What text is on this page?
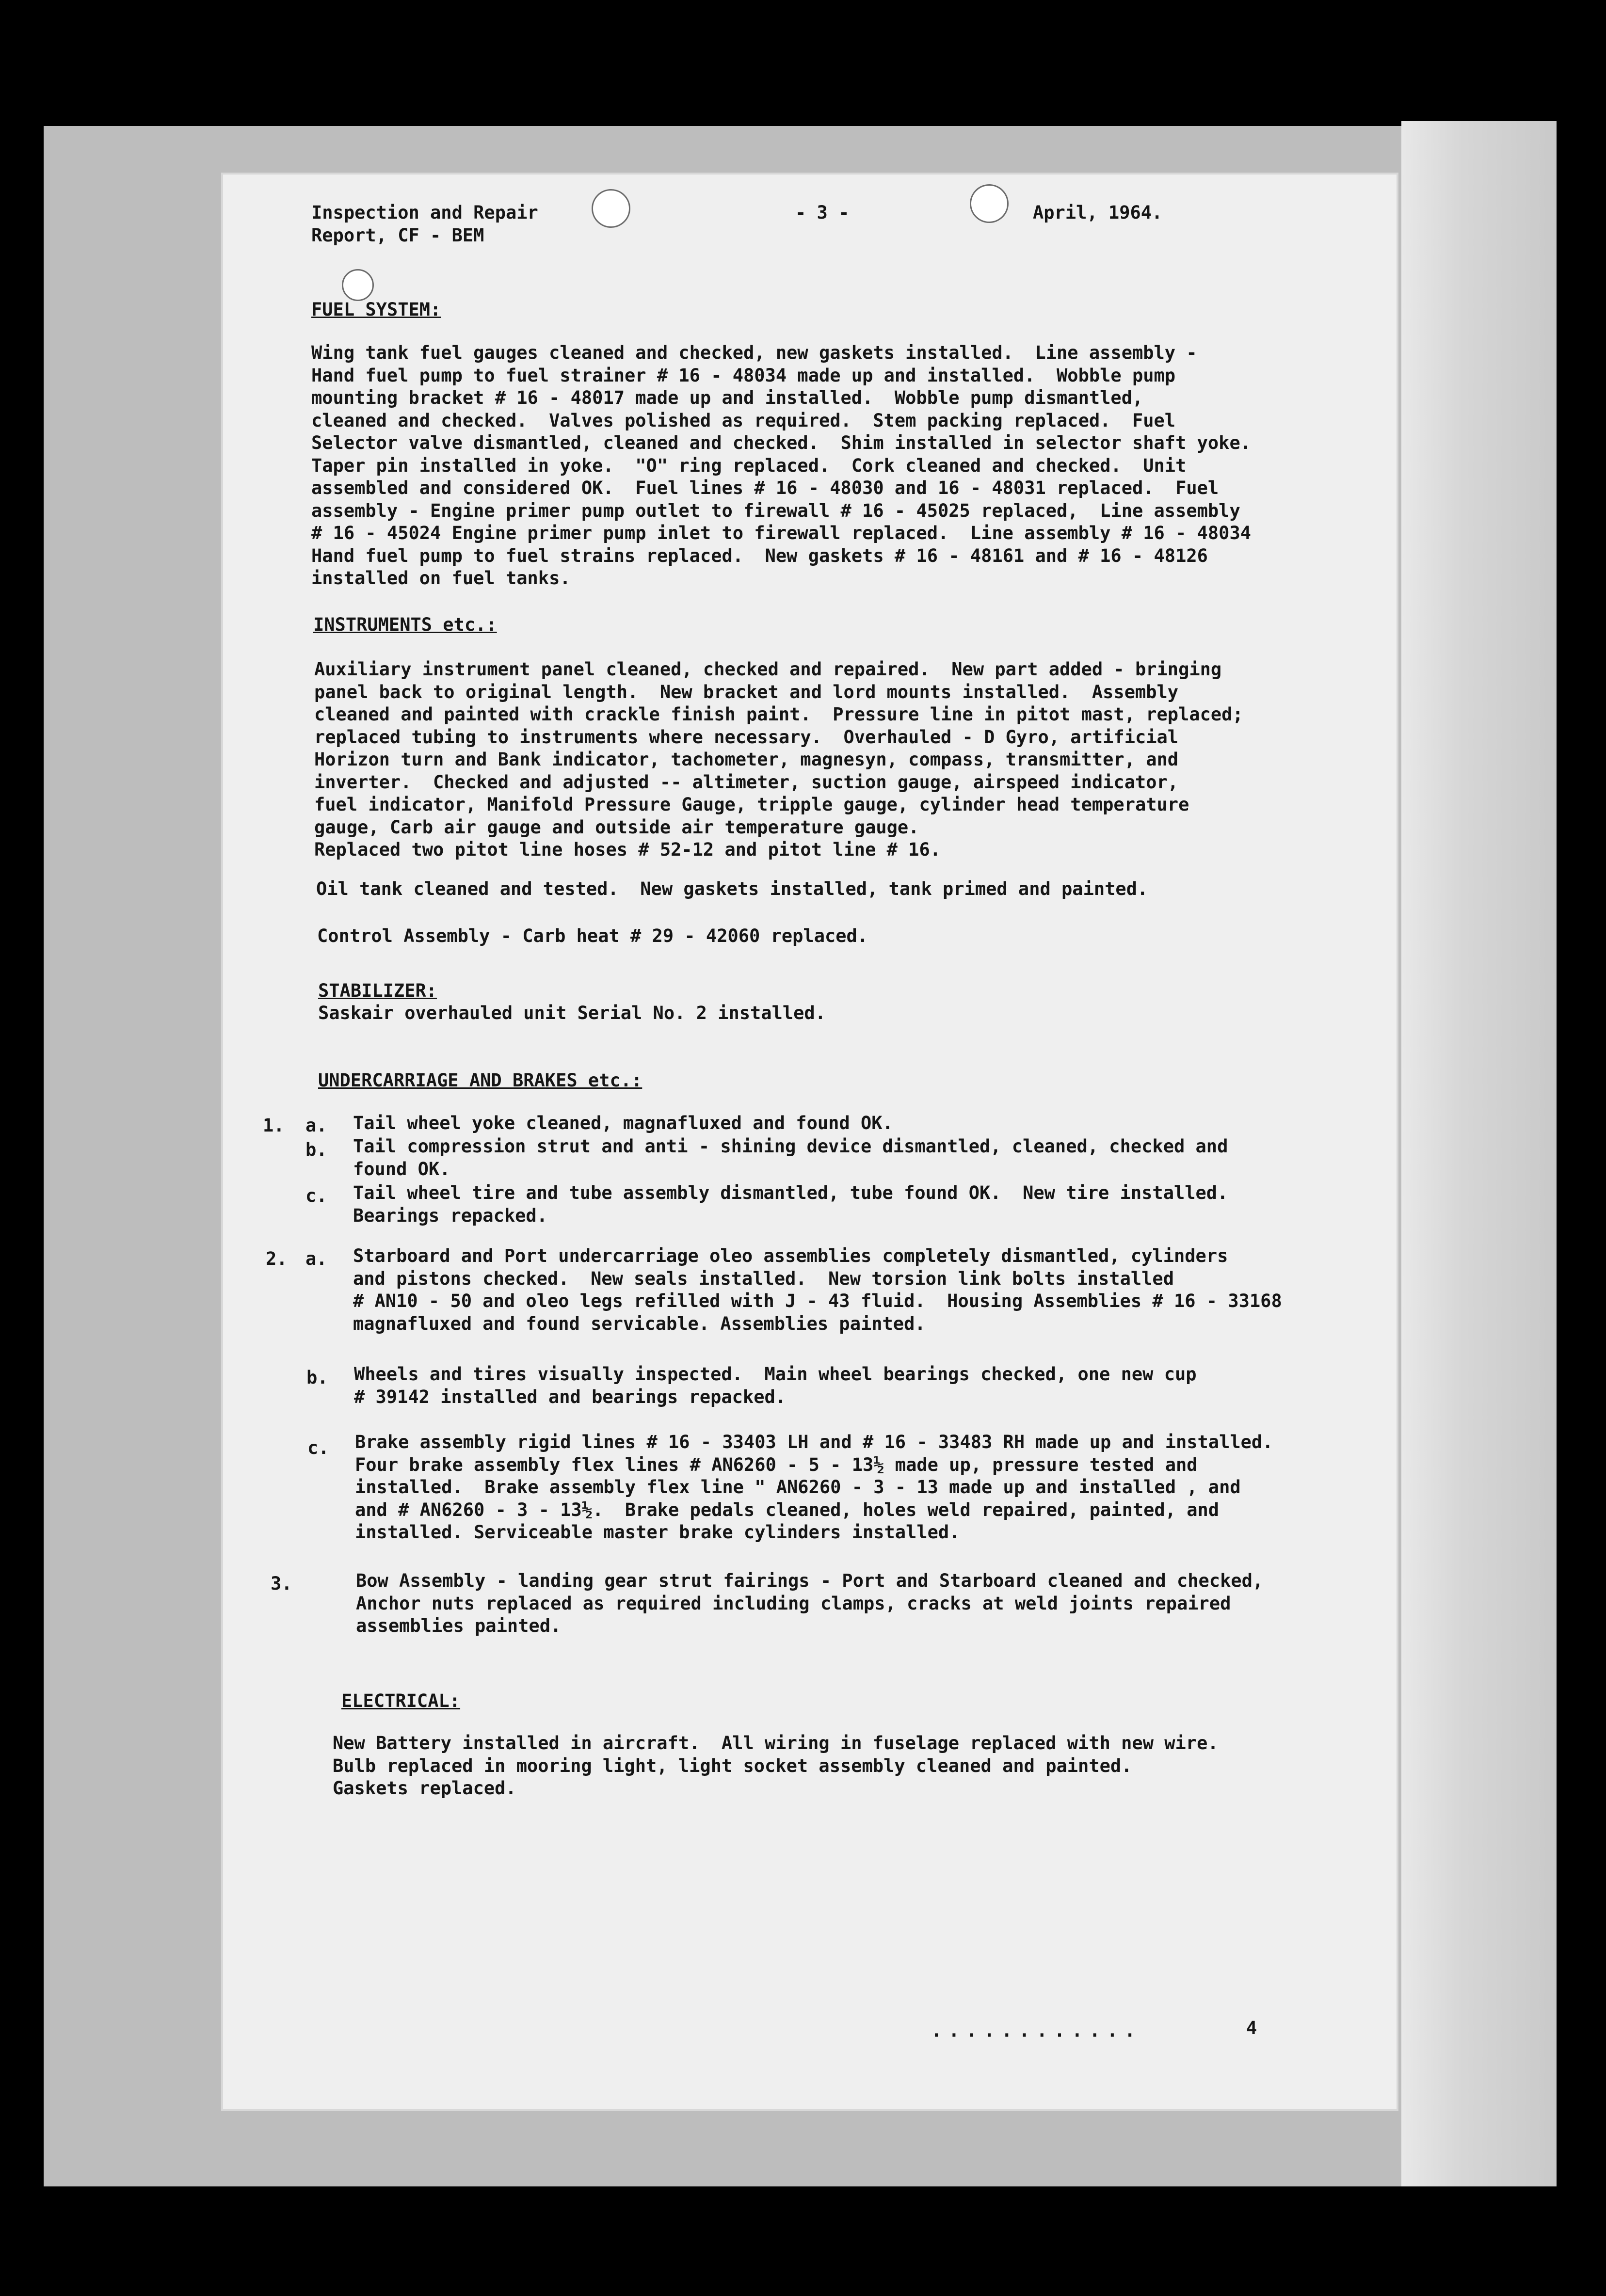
Inspection and Repair
Report, CF - BEM
- 3 -	April, 1964.
FUEL SYSTEM:
Wing tank fuel gauges cleaned and checked, new gaskets installed.  Line assembly -
Hand fuel pump to fuel strainer # 16 - 48034 made up and installed.  Wobble pump
mounting bracket # 16 - 48017 made up and installed.  Wobble pump dismantled,
cleaned and checked.  Valves polished as required.  Stem packing replaced.  Fuel
Selector valve dismantled, cleaned and checked.  Shim installed in selector shaft yoke.
Taper pin installed in yoke.  "O" ring replaced.  Cork cleaned and checked.  Unit
assembled and considered OK.  Fuel lines # 16 - 48030 and 16 - 48031 replaced.  Fuel
assembly - Engine primer pump outlet to firewall # 16 - 45025 replaced,  Line assembly
# 16 - 45024 Engine primer pump inlet to firewall replaced.  Line assembly # 16 - 48034
Hand fuel pump to fuel strains replaced.  New gaskets # 16 - 48161 and # 16 - 48126
installed on fuel tanks.
INSTRUMENTS etc.:
Auxiliary instrument panel cleaned, checked and repaired.  New part added - bringing
panel back to original length.  New bracket and lord mounts installed.  Assembly
cleaned and painted with crackle finish paint.  Pressure line in pitot mast, replaced;
replaced tubing to instruments where necessary.  Overhauled - D Gyro, artificial
Horizon turn and Bank indicator, tachometer, magnesyn, compass, transmitter, and
inverter.  Checked and adjusted -- altimeter, suction gauge, airspeed indicator,
fuel indicator, Manifold Pressure Gauge, tripple gauge, cylinder head temperature
gauge, Carb air gauge and outside air temperature gauge.
Replaced two pitot line hoses # 52-12 and pitot line # 16.
Oil tank cleaned and tested.  New gaskets installed, tank primed and painted.
Control Assembly - Carb heat # 29 - 42060 replaced.
STABILIZER:
Saskair overhauled unit Serial No. 2 installed.
UNDERCARRIAGE AND BRAKES etc.:
1. a. Tail wheel yoke cleaned, magnafluxed and found OK.
b. Tail compression strut and anti - shining device dismantled, cleaned, checked and
found OK.
c. Tail wheel tire and tube assembly dismantled, tube found OK.  New tire installed.
Bearings repacked.
2. a. Starboard and Port undercarriage oleo assemblies completely dismantled, cylinders
and pistons checked.  New seals installed.  New torsion link bolts installed
# AN10 - 50 and oleo legs refilled with J - 43 fluid.  Housing Assemblies # 16 - 33168
magnafluxed and found servicable. Assemblies painted.
b. Wheels and tires visually inspected.  Main wheel bearings checked, one new cup
# 39142 installed and bearings repacked.
c. Brake assembly rigid lines # 16 - 33403 LH and # 16 - 33483 RH made up and installed.
Four brake assembly flex lines # AN6260 - 5 - 13½ made up, pressure tested and
installed.  Brake assembly flex line " AN6260 - 3 - 13 made up and installed , and
and # AN6260 - 3 - 13½.  Brake pedals cleaned, holes weld repaired, painted, and
installed. Serviceable master brake cylinders installed.
3.	Bow Assembly - landing gear strut fairings - Port and Starboard cleaned and checked,
Anchor nuts replaced as required including clamps, cracks at weld joints repaired
assemblies painted.
ELECTRICAL:
New Battery installed in aircraft.  All wiring in fuselage replaced with new wire.
Bulb replaced in mooring light, light socket assembly cleaned and painted.
Gaskets replaced.
............	4
